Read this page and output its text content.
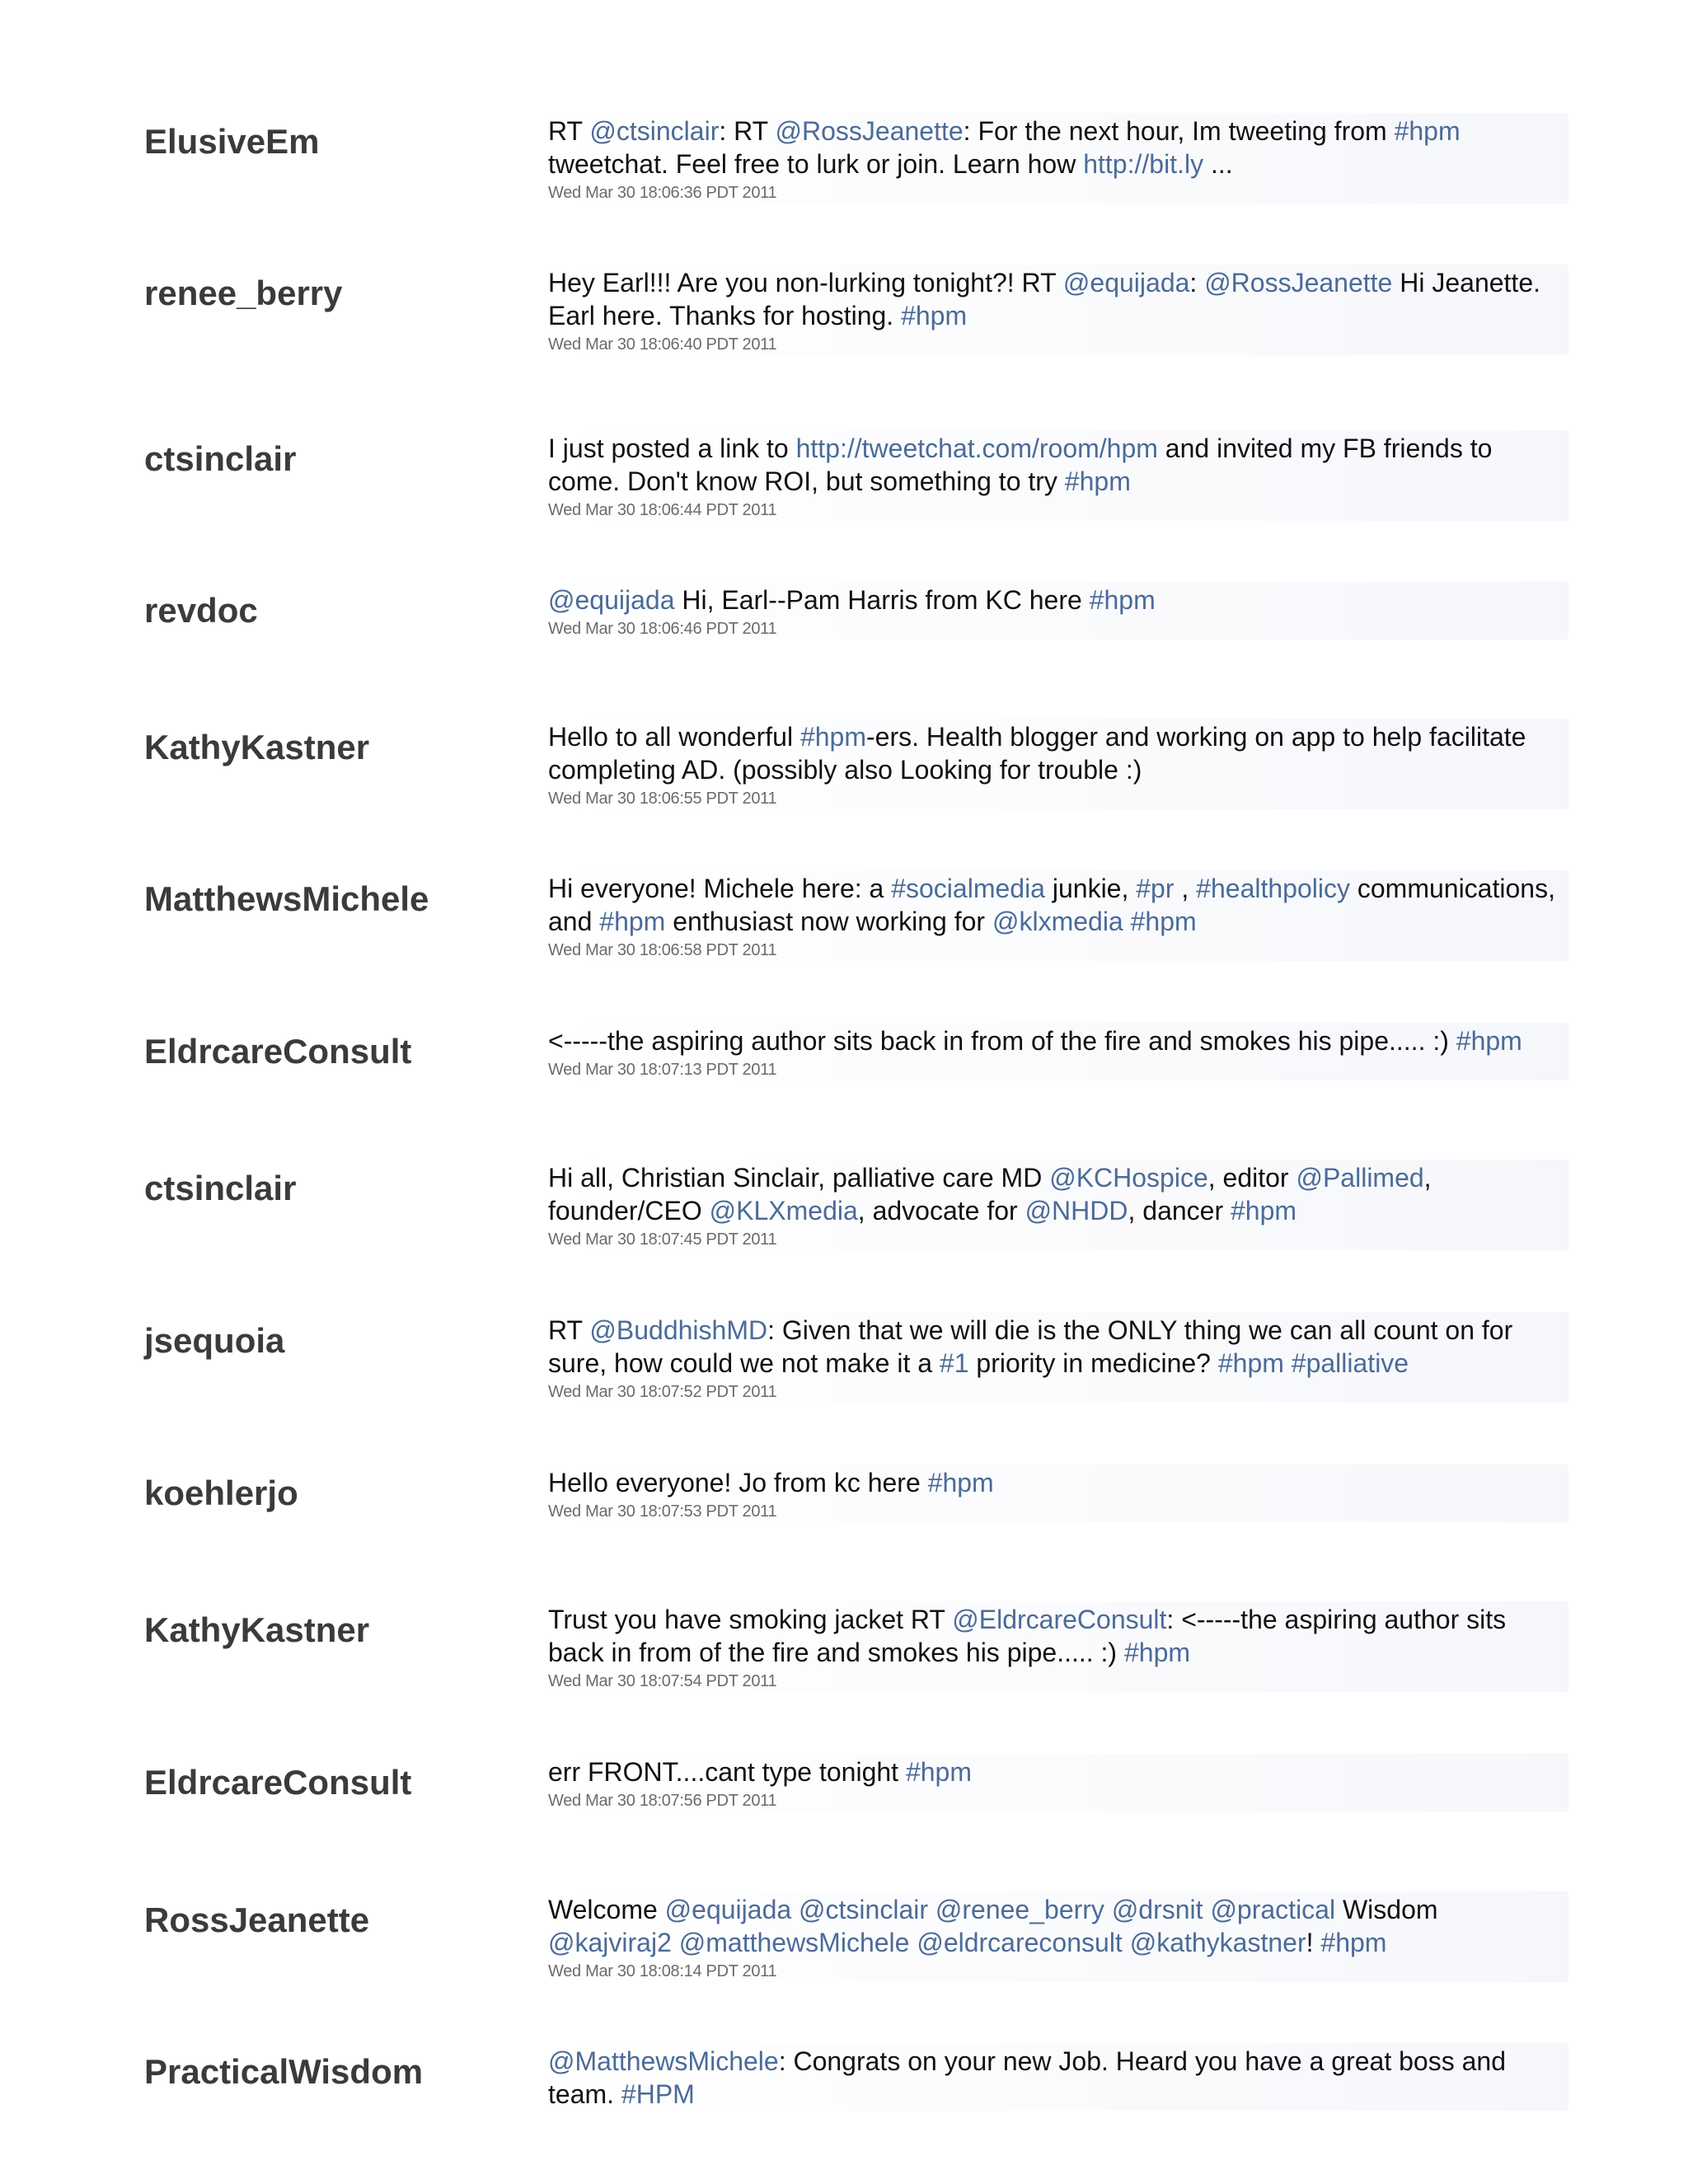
ElusiveEm	RT @ctsinclair: RT @RossJeanette: For the next hour, Im tweeting from #hpm tweetchat. Feel free to lurk or join. Learn how http://bit.ly ...

Wed Mar 30 18:06:36 PDT 2011
renee_berry	Hey Earl!!! Are you non-lurking tonight?! RT @equijada: @RossJeanette Hi Jeanette. Earl here. Thanks for hosting. #hpm

Wed Mar 30 18:06:40 PDT 2011
ctsinclair	I just posted a link to http://tweetchat.com/room/hpm and invited my FB friends to come. Don't know ROI, but something to try #hpm

Wed Mar 30 18:06:44 PDT 2011
revdoc	@equijada Hi, Earl--Pam Harris from KC here #hpm

Wed Mar 30 18:06:46 PDT 2011
KathyKastner	Hello to all wonderful #hpm-ers. Health blogger and working on app to help facilitate completing AD. (possibly also Looking for trouble :)

Wed Mar 30 18:06:55 PDT 2011
MatthewsMichele	Hi everyone! Michele here: a #socialmedia junkie, #pr , #healthpolicy communications, and #hpm enthusiast now working for @klxmedia #hpm

Wed Mar 30 18:06:58 PDT 2011
EldrcareConsult	<-----the aspiring author sits back in from of the fire and smokes his pipe..... :) #hpm

Wed Mar 30 18:07:13 PDT 2011
ctsinclair	Hi all, Christian Sinclair, palliative care MD @KCHospice, editor @Pallimed, founder/CEO @KLXmedia, advocate for @NHDD, dancer #hpm

Wed Mar 30 18:07:45 PDT 2011
jsequoia	RT @BuddhishMD: Given that we will die is the ONLY thing we can all count on for sure, how could we not make it a #1 priority in medicine? #hpm #palliative

Wed Mar 30 18:07:52 PDT 2011
koehlerjo	Hello everyone! Jo from kc here #hpm

Wed Mar 30 18:07:53 PDT 2011
KathyKastner	Trust you have smoking jacket RT @EldrcareConsult: <-----the aspiring author sits back in from of the fire and smokes his pipe..... :) #hpm

Wed Mar 30 18:07:54 PDT 2011
EldrcareConsult	err FRONT....cant type tonight #hpm

Wed Mar 30 18:07:56 PDT 2011
RossJeanette	Welcome @equijada @ctsinclair @renee_berry @drsnit @practical Wisdom @kajviraj2 @matthewsMichele @eldrcareconsult @kathykastner! #hpm

Wed Mar 30 18:08:14 PDT 2011
PracticalWisdom	@MatthewsMichele: Congrats on your new Job. Heard you have a great boss and team. #HPM
